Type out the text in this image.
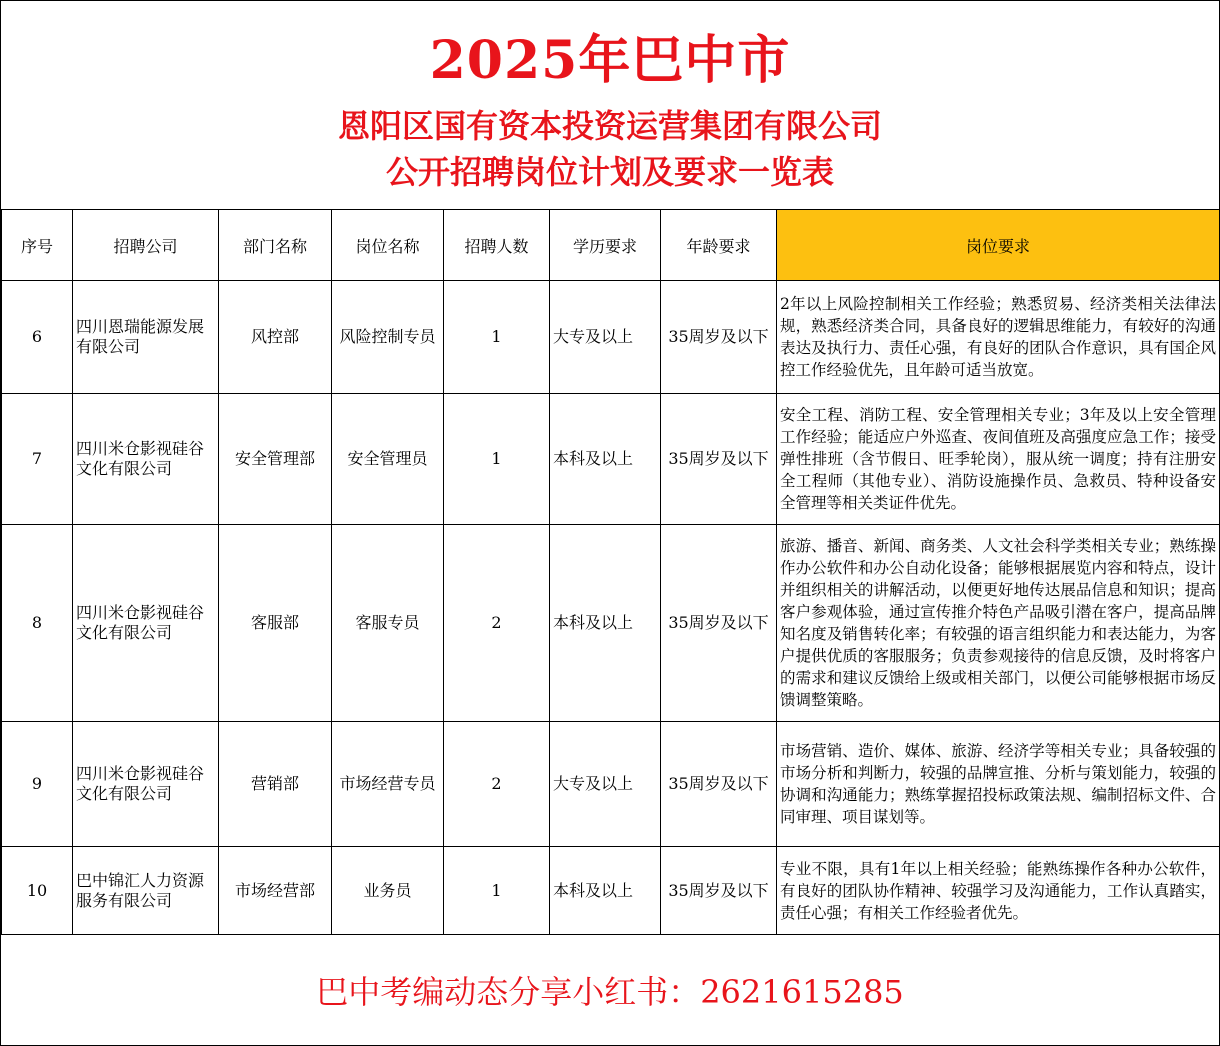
2025年巴中市
恩阳区国有资本投资运营集团有限公司
公开招聘岗位计划及要求一览表
序号	招聘公司	部门名称	岗位名称	招聘人数	学历要求	年龄要求	岗位要求
6	四川恩瑞能源发展有限公司	风控部	风险控制专员	1	大专及以上	35周岁及以下	2年以上风险控制相关工作经验；熟悉贸易、经济类相关法律法规，熟悉经济类合同，具备良好的逻辑思维能力，有较好的沟通表达及执行力、责任心强，有良好的团队合作意识，具有国企风控工作经验优先，且年龄可适当放宽。
7	四川米仓影视硅谷文化有限公司	安全管理部	安全管理员	1	本科及以上	35周岁及以下	安全工程、消防工程、安全管理相关专业；3年及以上安全管理工作经验；能适应户外巡查、夜间值班及高强度应急工作；接受弹性排班（含节假日、旺季轮岗），服从统一调度；持有注册安全工程师（其他专业）、消防设施操作员、急救员、特种设备安全管理等相关类证件优先。
8	四川米仓影视硅谷文化有限公司	客服部	客服专员	2	本科及以上	35周岁及以下	旅游、播音、新闻、商务类、人文社会科学类相关专业；熟练操作办公软件和办公自动化设备；能够根据展览内容和特点，设计并组织相关的讲解活动，以便更好地传达展品信息和知识；提高客户参观体验，通过宣传推介特色产品吸引潜在客户，提高品牌知名度及销售转化率；有较强的语言组织能力和表达能力，为客户提供优质的客服服务；负责参观接待的信息反馈，及时将客户的需求和建议反馈给上级或相关部门，以便公司能够根据市场反馈调整策略。
9	四川米仓影视硅谷文化有限公司	营销部	市场经营专员	2	大专及以上	35周岁及以下	市场营销、造价、媒体、旅游、经济学等相关专业；具备较强的市场分析和判断力，较强的品牌宣推、分析与策划能力，较强的协调和沟通能力；熟练掌握招投标政策法规、编制招标文件、合同审理、项目谋划等。
10	巴中锦汇人力资源服务有限公司	市场经营部	业务员	1	本科及以上	35周岁及以下	专业不限，具有1年以上相关经验；能熟练操作各种办公软件，有良好的团队协作精神、较强学习及沟通能力，工作认真踏实，责任心强；有相关工作经验者优先。
巴中考编动态分享小红书：2621615285
